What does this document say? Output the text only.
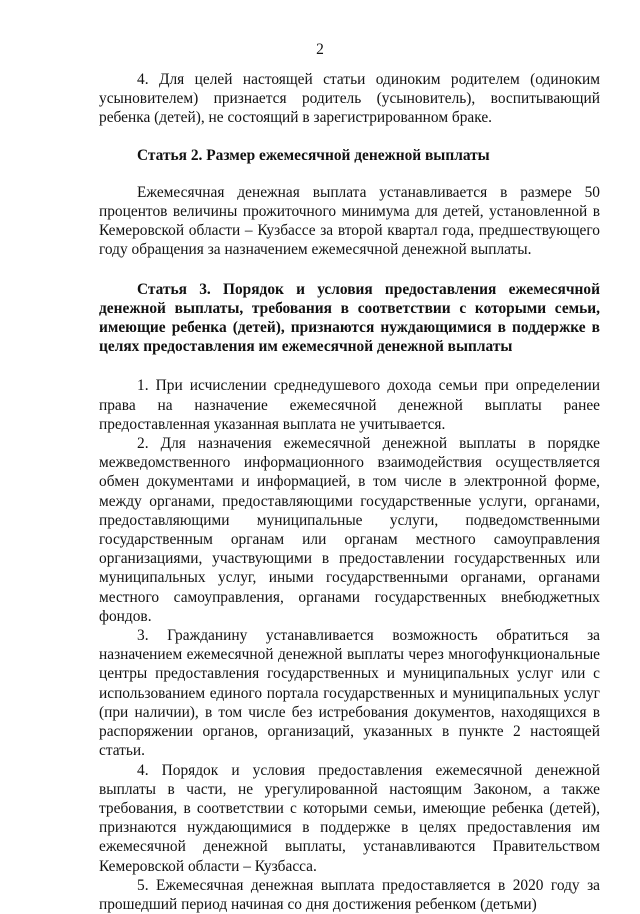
2

4. Для целей настоящей статьи одиноким родителем (одиноким усыновителем) признается родитель (усыновитель), воспитывающий ребенка (детей), не состоящий в зарегистрированном браке.

Статья 2. Размер ежемесячной денежной выплаты

Ежемесячная денежная выплата устанавливается в размере 50 процентов величины прожиточного минимума для детей, установленной в Кемеровской области – Кузбассе за второй квартал года, предшествующего году обращения за назначением ежемесячной денежной выплаты.

Статья 3. Порядок и условия предоставления ежемесячной денежной выплаты, требования в соответствии с которыми семьи, имеющие ребенка (детей), признаются нуждающимися в поддержке в целях предоставления им ежемесячной денежной выплаты

1. При исчислении среднедушевого дохода семьи при определении права на назначение ежемесячной денежной выплаты ранее предоставленная указанная выплата не учитывается.

2. Для назначения ежемесячной денежной выплаты в порядке межведомственного информационного взаимодействия осуществляется обмен документами и информацией, в том числе в электронной форме, между органами, предоставляющими государственные услуги, органами, предоставляющими муниципальные услуги, подведомственными государственным органам или органам местного самоуправления организациями, участвующими в предоставлении государственных или муниципальных услуг, иными государственными органами, органами местного самоуправления, органами государственных внебюджетных фондов.

3. Гражданину устанавливается возможность обратиться за назначением ежемесячной денежной выплаты через многофункциональные центры предоставления государственных и муниципальных услуг или с использованием единого портала государственных и муниципальных услуг (при наличии), в том числе без истребования документов, находящихся в распоряжении органов, организаций, указанных в пункте 2 настоящей статьи.

4. Порядок и условия предоставления ежемесячной денежной выплаты в части, не урегулированной настоящим Законом, а также требования, в соответствии с которыми семьи, имеющие ребенка (детей), признаются нуждающимися в поддержке в целях предоставления им ежемесячной денежной выплаты, устанавливаются Правительством Кемеровской области – Кузбасса.

5. Ежемесячная денежная выплата предоставляется в 2020 году за прошедший период начиная со дня достижения ребенком (детьми)
